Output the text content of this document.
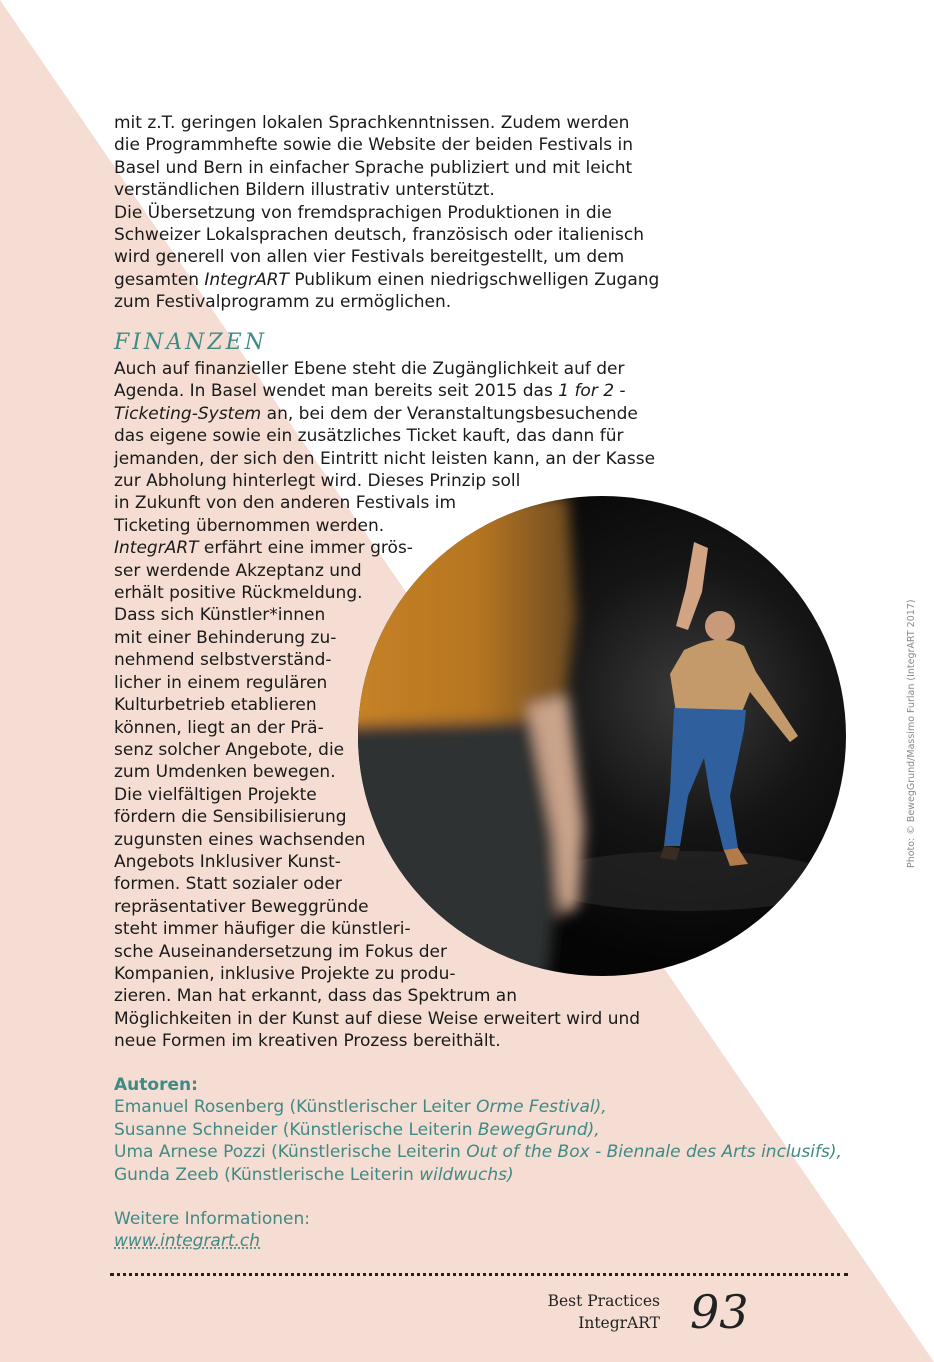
Photo: © BewegGrund/Massimo Furlan (IntegrART 2017)
mit z.T. geringen lokalen Sprachkenntnissen. Zudem werden
die Programmhefte sowie die Website der beiden Festivals in
Basel und Bern in einfacher Sprache publiziert und mit leicht
verständlichen Bildern illustrativ unterstützt.
Die Übersetzung von fremdsprachigen Produktionen in die
Schweizer Lokalsprachen deutsch, französisch oder italienisch
wird generell von allen vier Festivals bereitgestellt, um dem
gesamten IntegrART Publikum einen niedrigschwelligen Zugang
zum Festivalprogramm zu ermöglichen.
FINANZEN
Auch auf finanzieller Ebene steht die Zugänglichkeit auf der
Agenda. In Basel wendet man bereits seit 2015 das 1 for 2 -
Ticketing-System an, bei dem der Veranstaltungsbesuchende
das eigene sowie ein zusätzliches Ticket kauft, das dann für
jemanden, der sich den Eintritt nicht leisten kann, an der Kasse
zur Abholung hinterlegt wird. Dieses Prinzip soll
in Zukunft von den anderen Festivals im
Ticketing übernommen werden.
IntegrART erfährt eine immer grös-
ser werdende Akzeptanz und
erhält positive Rückmeldung.
Dass sich Künstler*innen
mit einer Behinderung zu-
nehmend selbstverständ-
licher in einem regulären
Kulturbetrieb etablieren
können, liegt an der Prä-
senz solcher Angebote, die
zum Umdenken bewegen.
Die vielfältigen Projekte
fördern die Sensibilisierung
zugunsten eines wachsenden
Angebots Inklusiver Kunst-
formen. Statt sozialer oder
repräsentativer Beweggründe
steht immer häufiger die künstleri-
sche Auseinandersetzung im Fokus der
Kompanien, inklusive Projekte zu produ-
zieren. Man hat erkannt, dass das Spektrum an
Möglichkeiten in der Kunst auf diese Weise erweitert wird und
neue Formen im kreativen Prozess bereithält.
Autoren:
Emanuel Rosenberg (Künstlerischer Leiter Orme Festival),
Susanne Schneider (Künstlerische Leiterin BewegGrund),
Uma Arnese Pozzi (Künstlerische Leiterin Out of the Box - Biennale des Arts inclusifs),
Gunda Zeeb (Künstlerische Leiterin wildwuchs)
Weitere Informationen:
www.integrart.ch
Best Practices
IntegrART 93
